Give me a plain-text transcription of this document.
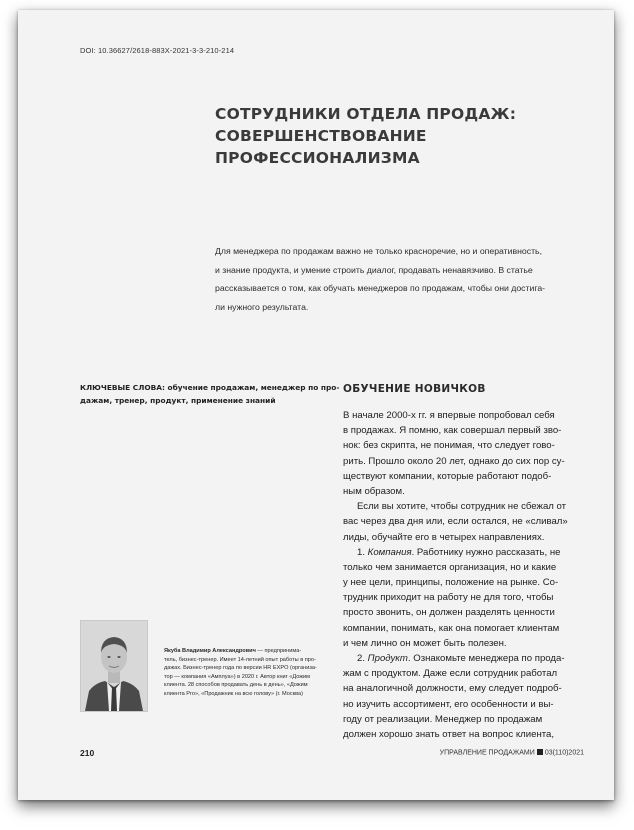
DOI: 10.36627/2618-883X-2021-3-3-210-214
СОТРУДНИКИ ОТДЕЛА ПРОДАЖ:
СОВЕРШЕНСТВОВАНИЕ
ПРОФЕССИОНАЛИЗМА
Для менеджера по продажам важно не только красноречие, но и оперативность,
и знание продукта, и умение строить диалог, продавать ненавязчиво. В статье
рассказывается о том, как обучать менеджеров по продажам, чтобы они достига-
ли нужного результата.
КЛЮЧЕВЫЕ СЛОВА: обучение продажам, менеджер по про-
дажам, тренер, продукт, применение знаний
ОБУЧЕНИЕ НОВИЧКОВ
В начале 2000-х гг. я впервые попробовал себя
в продажах. Я помню, как совершал первый зво-
нок: без скрипта, не понимая, что следует гово-
рить. Прошло около 20 лет, однако до сих пор су-
ществуют компании, которые работают подоб-
ным образом.
Если вы хотите, чтобы сотрудник не сбежал от
вас через два дня или, если остался, не «сливал»
лиды, обучайте его в четырех направлениях.
1. Компания. Работнику нужно рассказать, не
только чем занимается организация, но и какие
у нее цели, принципы, положение на рынке. Со-
трудник приходит на работу не для того, чтобы
просто звонить, он должен разделять ценности
компании, понимать, как она помогает клиентам
и чем лично он может быть полезен.
2. Продукт. Ознакомьте менеджера по прода-
жам с продуктом. Даже если сотрудник работал
на аналогичной должности, ему следует подроб-
но изучить ассортимент, его особенности и вы-
году от реализации. Менеджер по продажам
должен хорошо знать ответ на вопрос клиента,
Якуба Владимир Александрович — предпринима-
тель, бизнес-тренер. Имеет 14-летний опыт работы в про-
дажах. Бизнес-тренер года по версии HR EXPO (организа-
тор — компания «Амплуа») в 2020 г. Автор книг «Дожим
клиента. 28 способов продавать день в день», «Дожим
клиента Pro», «Продажник на всю голову» (г. Москва)
210	УПРАВЛЕНИЕ ПРОДАЖАМИ 03(110)2021
